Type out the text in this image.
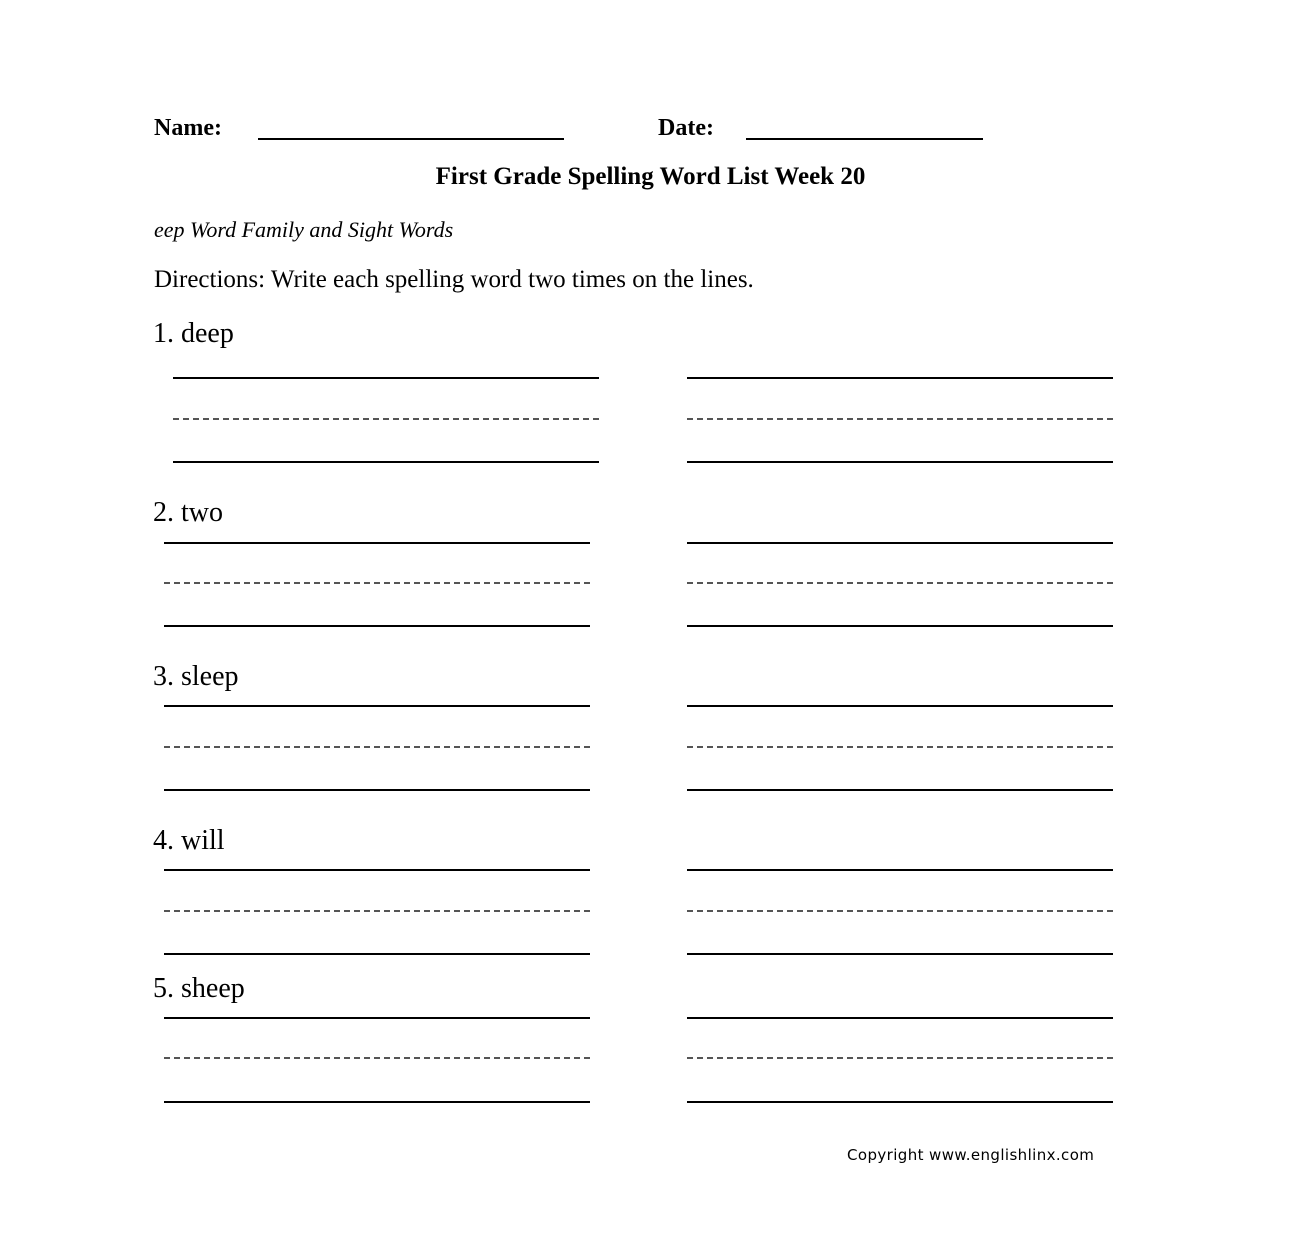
Name:	Date:
First Grade Spelling Word List Week 20
eep Word Family and Sight Words
Directions: Write each spelling word two times on the lines.
1. deep
2. two
3. sleep
4. will
5. sheep
Copyright www.englishlinx.com
